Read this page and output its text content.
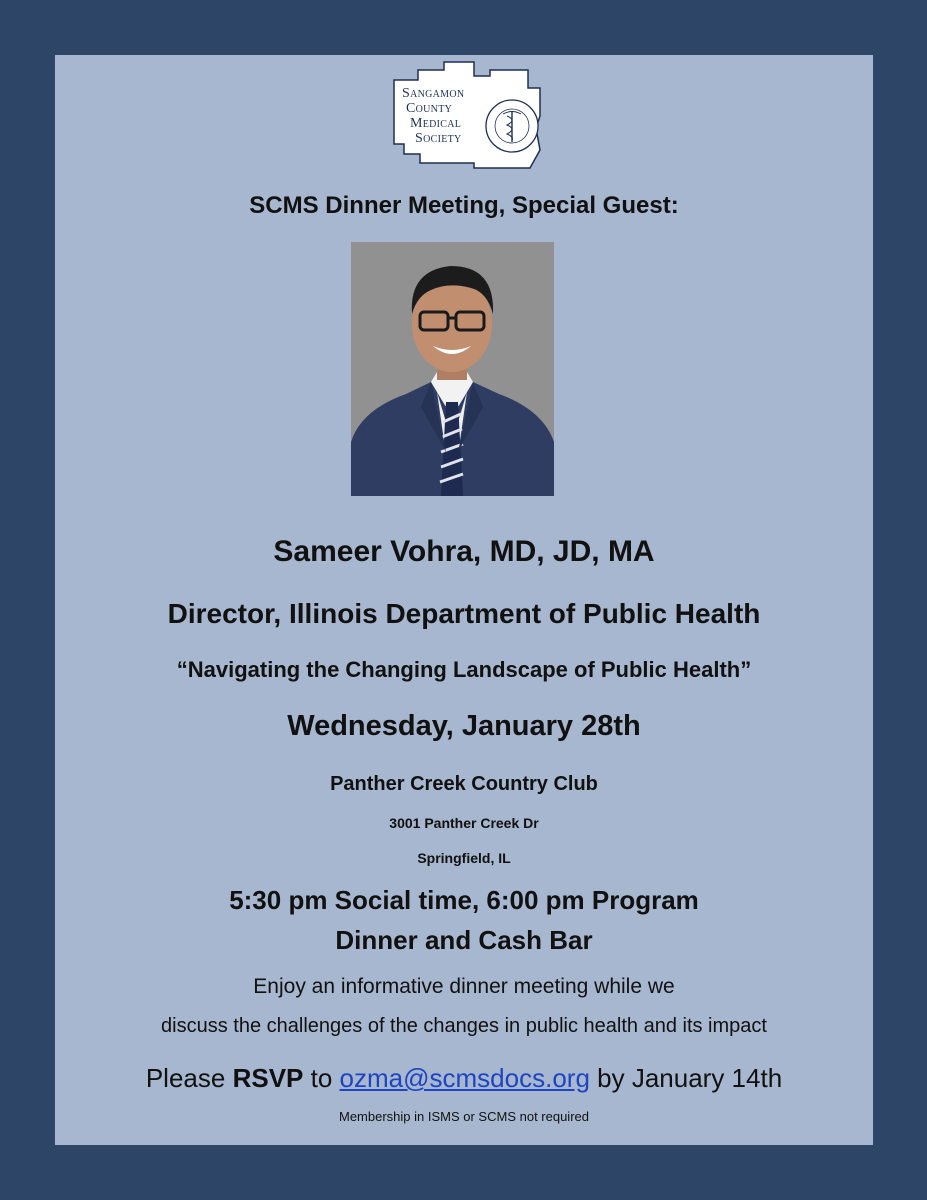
Sangamon
County
Medical
Society
SCMS Dinner Meeting, Special Guest:
Sameer Vohra, MD, JD, MA
Director, Illinois Department of Public Health
“Navigating the Changing Landscape of Public Health”
Wednesday, January 28th
Panther Creek Country Club
3001 Panther Creek Dr
Springfield, IL
5:30 pm Social time, 6:00 pm Program
Dinner and Cash Bar
Enjoy an informative dinner meeting while we
discuss the challenges of the changes in public health and its impact
Please RSVP to ozma@scmsdocs.org by January 14th
Membership in ISMS or SCMS not required
